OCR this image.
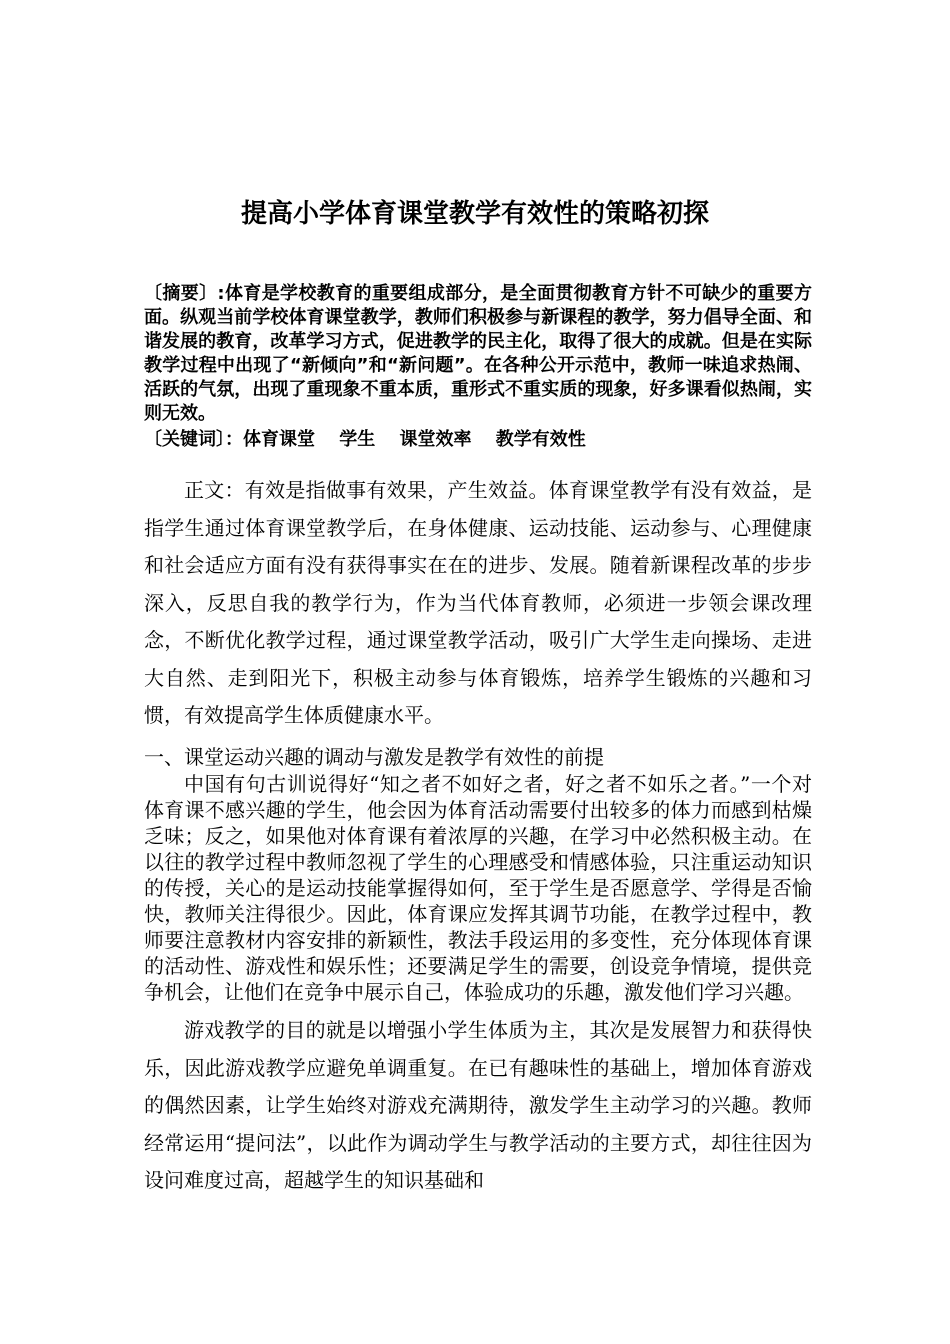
提高小学体育课堂教学有效性的策略初探
〔摘要〕:体育是学校教育的重要组成部分，是全面贯彻教育方针不可缺少的重要方面。纵观当前学校体育课堂教学，教师们积极参与新课程的教学，努力倡导全面、和谐发展的教育，改革学习方式，促进教学的民主化，取得了很大的成就。但是在实际教学过程中出现了“新倾向”和“新问题”。在各种公开示范中，教师一味追求热闹、活跃的气氛，出现了重现象不重本质，重形式不重实质的现象，好多课看似热闹，实则无效。
〔关键词〕：体育课堂　 学生　 课堂效率　 教学有效性
正文：有效是指做事有效果，产生效益。体育课堂教学有没有效益，是指学生通过体育课堂教学后，在身体健康、运动技能、运动参与、心理健康和社会适应方面有没有获得事实在在的进步、发展。随着新课程改革的步步深入，反思自我的教学行为，作为当代体育教师，必须进一步领会课改理念，不断优化教学过程，通过课堂教学活动，吸引广大学生走向操场、走进大自然、走到阳光下，积极主动参与体育锻炼，培养学生锻炼的兴趣和习惯，有效提高学生体质健康水平。
一、课堂运动兴趣的调动与激发是教学有效性的前提
中国有句古训说得好“知之者不如好之者，好之者不如乐之者。”一个对体育课不感兴趣的学生，他会因为体育活动需要付出较多的体力而感到枯燥乏味；反之，如果他对体育课有着浓厚的兴趣，在学习中必然积极主动。在以往的教学过程中教师忽视了学生的心理感受和情感体验，只注重运动知识的传授，关心的是运动技能掌握得如何，至于学生是否愿意学、学得是否愉快，教师关注得很少。因此，体育课应发挥其调节功能，在教学过程中，教师要注意教材内容安排的新颖性，教法手段运用的多变性，充分体现体育课的活动性、游戏性和娱乐性；还要满足学生的需要，创设竞争情境，提供竞争机会，让他们在竞争中展示自己，体验成功的乐趣，激发他们学习兴趣。
游戏教学的目的就是以增强小学生体质为主，其次是发展智力和获得快乐，因此游戏教学应避免单调重复。在已有趣味性的基础上，增加体育游戏的偶然因素，让学生始终对游戏充满期待，激发学生主动学习的兴趣。教师经常运用“提问法”，以此作为调动学生与教学活动的主要方式，却往往因为设问难度过高，超越学生的知识基础和
